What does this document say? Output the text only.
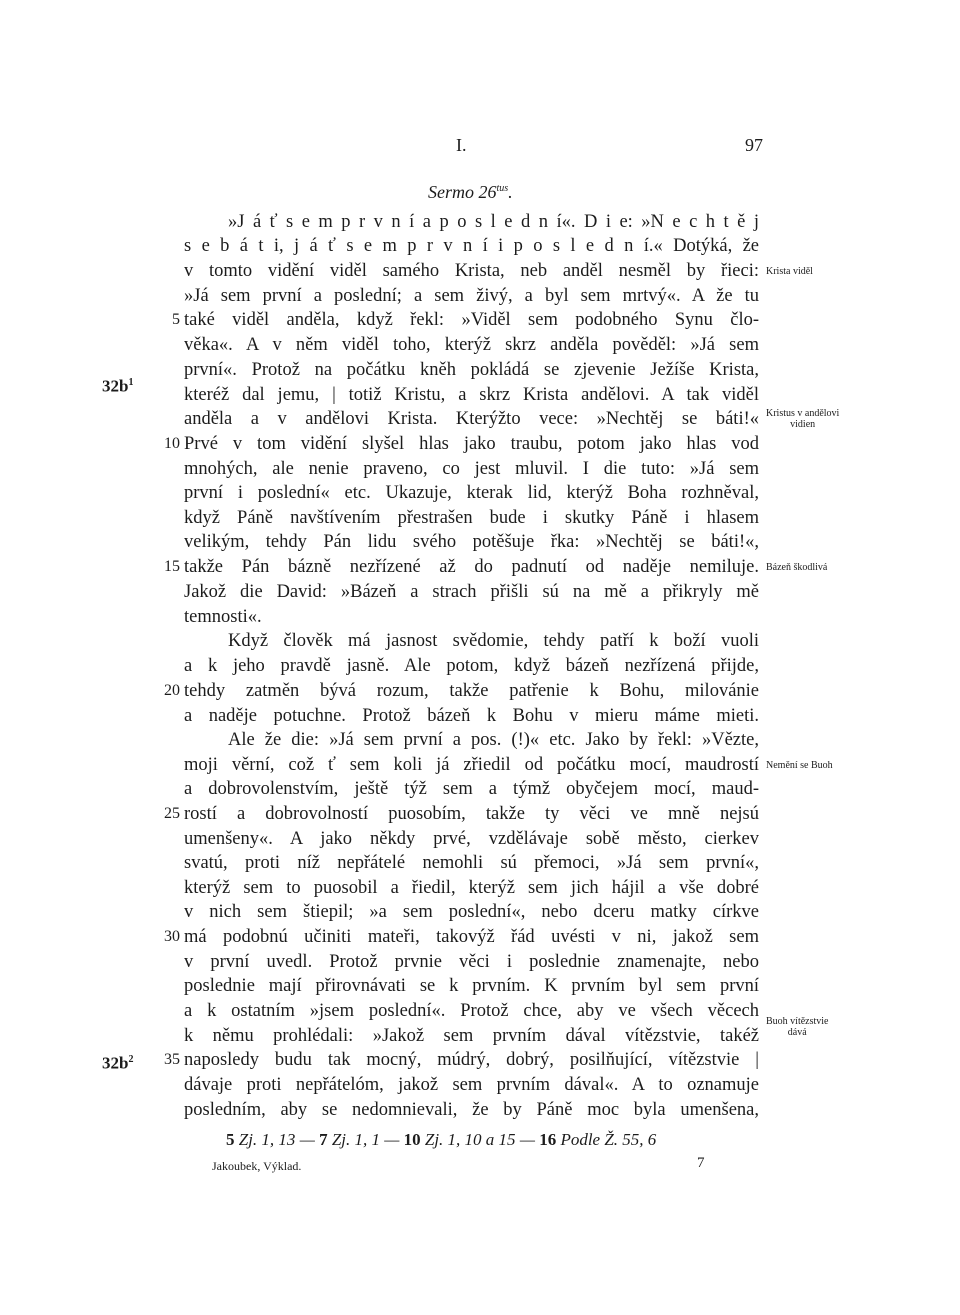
I.	97
Sermo $26^{tus}$.
»J á ť s e m p r v n í a p o s l e d n í«. D i e: »N e c h t ě j
s e b á t i, j á ť s e m p r v n í i p o s l e d n í.« Dotýká, že
v tomto vidění viděl samého Krista, neb anděl nesměl by řieci:
»Já sem první a poslední; a sem živý, a byl sem mrtvý«. A že tu
také viděl anděla, když řekl: »Viděl sem podobného Synu člo-
věka«. A v něm viděl toho, kterýž skrz anděla pověděl: »Já sem
první«. Protož na počátku kněh pokládá se zjevenie Ježíše Krista,
kteréž dal jemu, | totiž Kristu, a skrz Krista andělovi. A tak viděl
anděla a v andělovi Krista. Kterýžto vece: »Nechtěj se báti!«
Prvé v tom vidění slyšel hlas jako traubu, potom jako hlas vod
mnohých, ale nenie praveno, co jest mluvil. I die tuto: »Já sem
první i poslední« etc. Ukazuje, kterak lid, kterýž Boha rozhněval,
když Páně navštívením přestrašen bude i skutky Páně i hlasem
velikým, tehdy Pán lidu svého potěšuje řka: »Nechtěj se báti!«,
takže Pán bázně nezřízené až do padnutí od naděje nemiluje.
Jakož die David: »Bázeň a strach přišli sú na mě a přikryly mě
temnosti«.
Když člověk má jasnost svědomie, tehdy patří k boží vuoli
a k jeho pravdě jasně. Ale potom, když bázeň nezřízená přijde,
tehdy zatměn bývá rozum, takže patřenie k Bohu, milovánie
a naděje potuchne. Protož bázeň k Bohu v mieru máme mieti.
Ale že die: »Já sem první a pos. (!)« etc. Jako by řekl: »Vězte,
moji věrní, což ť sem koli já zřiedil od počátku mocí, maudrostí
a dobrovolenstvím, ještě týž sem a týmž obyčejem mocí, maud-
rostí a dobrovolností puosobím, takže ty věci ve mně nejsú
umenšeny«. A jako někdy prvé, vzdělávaje sobě město, cierkev
svatú, proti níž nepřátelé nemohli sú přemoci, »Já sem první«,
kterýž sem to puosobil a řiedil, kterýž sem jich hájil a vše dobré
v nich sem štiepil; »a sem poslední«, nebo dceru matky církve
má podobnú učiniti mateři, takovýž řád uvésti v ni, jakož sem
v první uvedl. Protož prvnie věci i poslednie znamenajte, nebo
poslednie mají přirovnávati se k prvním. K prvním byl sem první
a k ostatním »jsem poslední«. Protož chce, aby ve všech věcech
k němu prohlédali: »Jakož sem prvním dával vítězstvie, takéž
naposledy budu tak mocný, múdrý, dobrý, posilňující, vítězstvie |
dávaje proti nepřátelóm, jakož sem prvním dával«. A to oznamuje
posledním, aby se nedomnievali, že by Páně moc byla umenšena,
5
10
15
20
25
30
35
$32b^1$
$32b^2$
Krista viděl
Kristus v andělovi
vidien
Bázeň škodlivá
Nemění se Buoh
Buoh vítězstvie
dává
5 Zj. 1, 13 — 7 Zj. 1, 1 — 10 Zj. 1, 10 a 15 — 16 Podle Ž. 55, 6
Jakoubek, Výklad.	7
